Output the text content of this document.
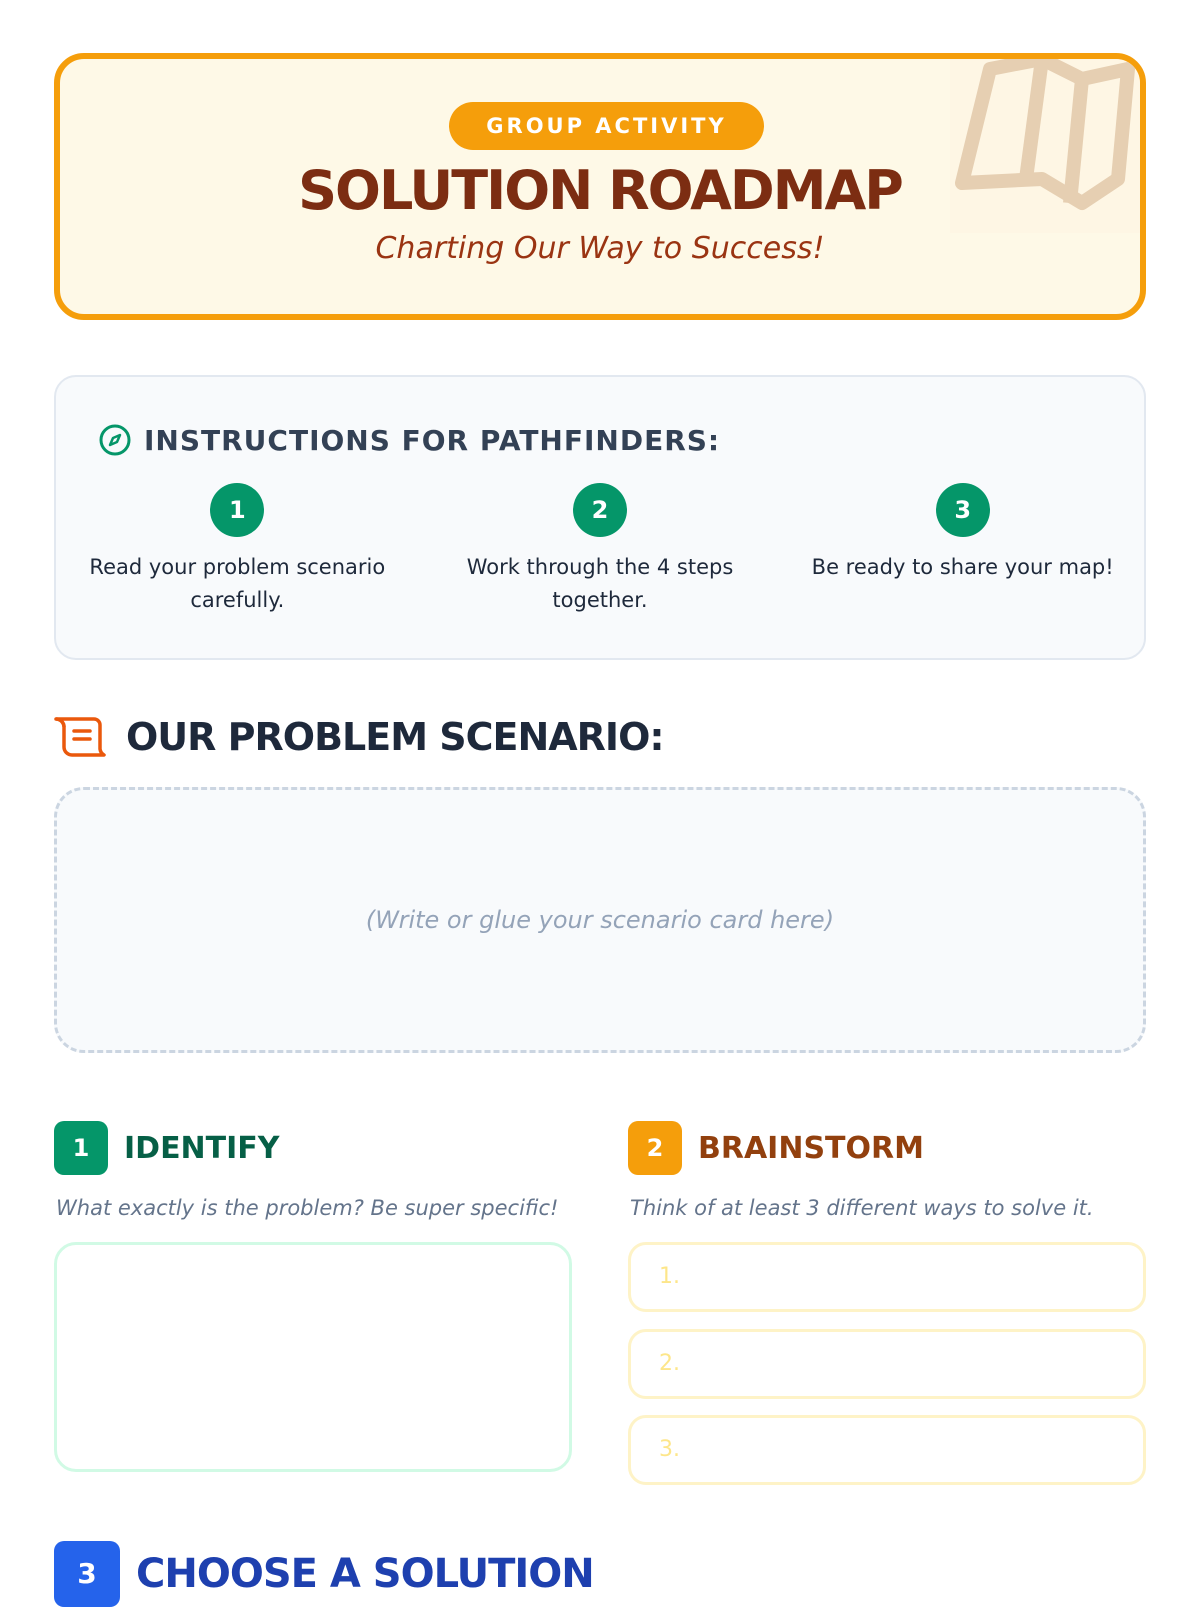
GROUP ACTIVITY
SOLUTION ROADMAP
Charting Our Way to Success!
INSTRUCTIONS FOR PATHFINDERS:
1
Read your problem scenario carefully.
2
Work through the 4 steps together.
3
Be ready to share your map!
OUR PROBLEM SCENARIO:
(Write or glue your scenario card here)
1	IDENTIFY
What exactly is the problem? Be super specific!
2	BRAINSTORM
Think of at least 3 different ways to solve it.
1.
2.
3.
3 CHOOSE A SOLUTION
